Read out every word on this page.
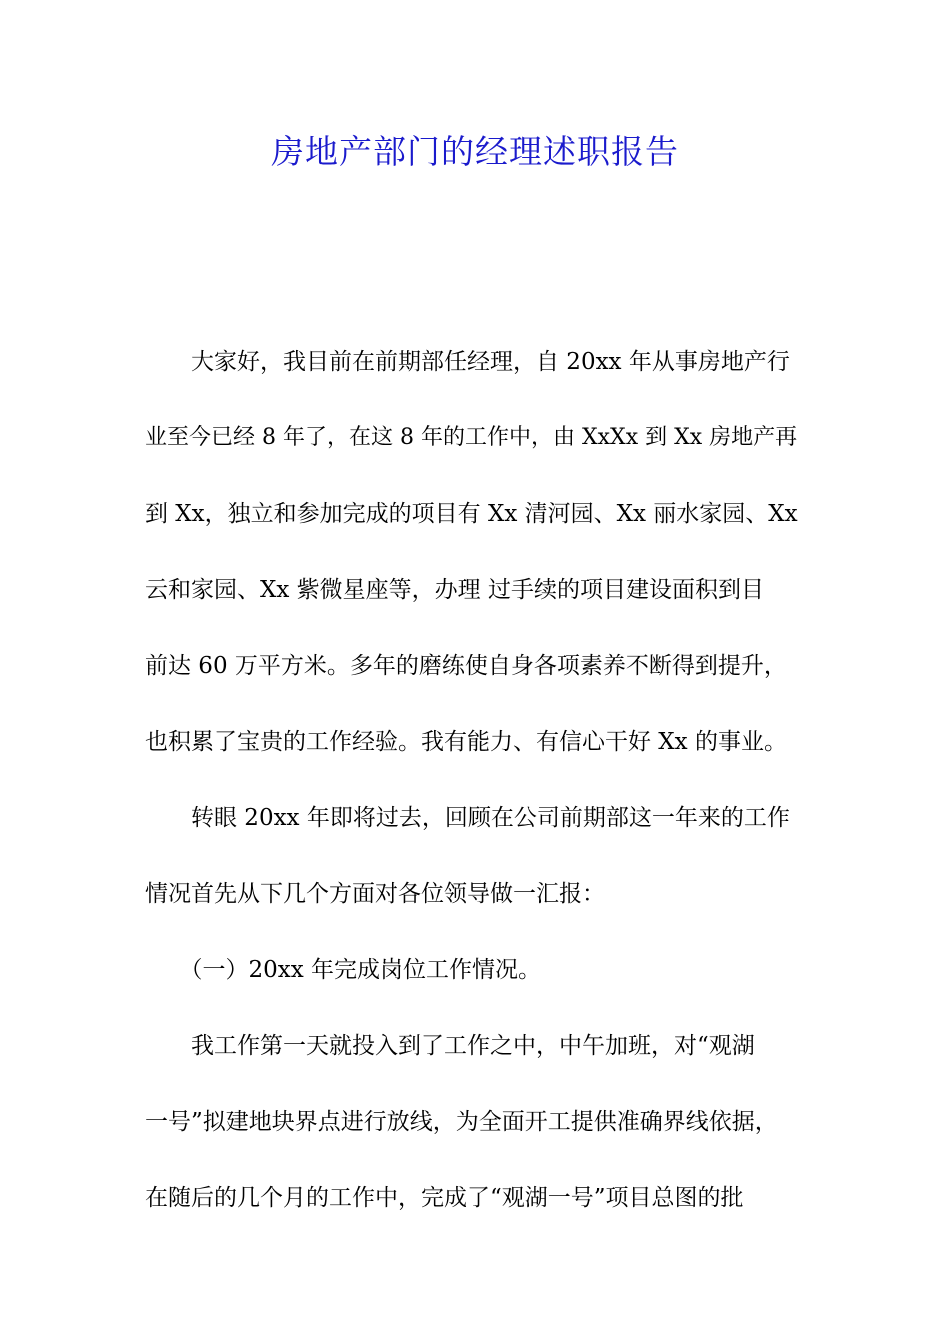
房地产部门的经理述职报告
　　大家好，我目前在前期部任经理，自 20xx 年从事房地产行
业至今已经 8 年了，在这 8 年的工作中，由 XxXx 到 Xx 房地产再
到 Xx，独立和参加完成的项目有 Xx 清河园、Xx 丽水家园、Xx
云和家园、Xx 紫微星座等，办理 过手续的项目建设面积到目
前达 60 万平方米。多年的磨练使自身各项素养不断得到提升，
也积累了宝贵的工作经验。我有能力、有信心干好 Xx 的事业。
　　转眼 20xx 年即将过去，回顾在公司前期部这一年来的工作
情况首先从下几个方面对各位领导做一汇报：
　　（一）20xx 年完成岗位工作情况。
　　我工作第一天就投入到了工作之中，中午加班，对“观湖
一号”拟建地块界点进行放线，为全面开工提供准确界线依据，
在随后的几个月的工作中，完成了“观湖一号”项目总图的批
